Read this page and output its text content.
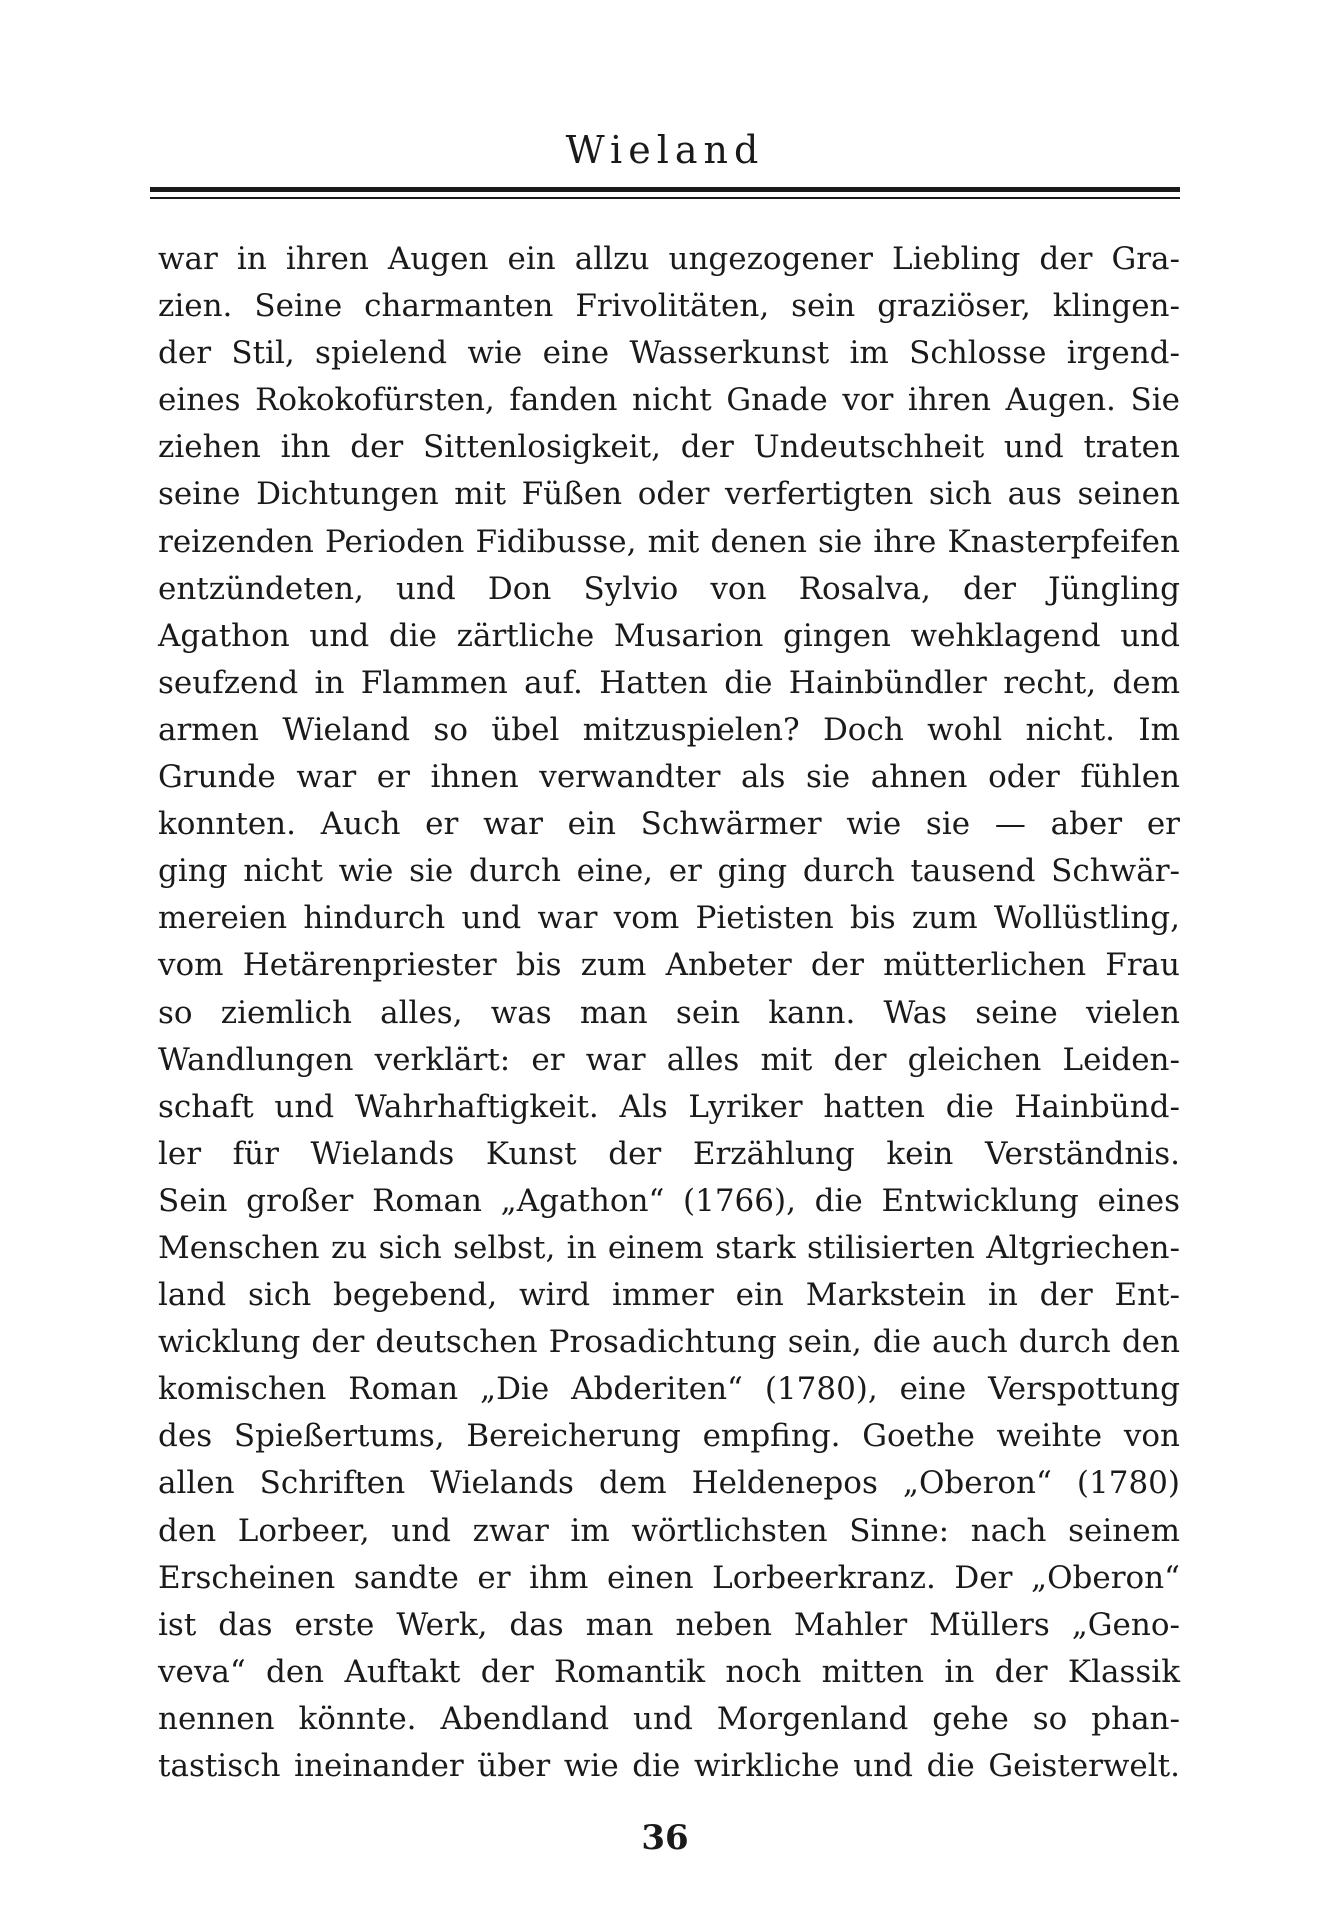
Wieland
war in ihren Augen ein allzu ungezogener Liebling der Gra-
zien. Seine charmanten Frivolitäten, sein graziöser, klingen-
der Stil, spielend wie eine Wasserkunst im Schlosse irgend-
eines Rokokofürsten, fanden nicht Gnade vor ihren Augen. Sie
ziehen ihn der Sittenlosigkeit, der Undeutschheit und traten
seine Dichtungen mit Füßen oder verfertigten sich aus seinen
reizenden Perioden Fidibusse, mit denen sie ihre Knasterpfeifen
entzündeten, und Don Sylvio von Rosalva, der Jüngling
Agathon und die zärtliche Musarion gingen wehklagend und
seufzend in Flammen auf. Hatten die Hainbündler recht, dem
armen Wieland so übel mitzuspielen? Doch wohl nicht. Im
Grunde war er ihnen verwandter als sie ahnen oder fühlen
konnten. Auch er war ein Schwärmer wie sie — aber er
ging nicht wie sie durch eine, er ging durch tausend Schwär-
mereien hindurch und war vom Pietisten bis zum Wollüstling,
vom Hetärenpriester bis zum Anbeter der mütterlichen Frau
so ziemlich alles, was man sein kann. Was seine vielen
Wandlungen verklärt: er war alles mit der gleichen Leiden-
schaft und Wahrhaftigkeit. Als Lyriker hatten die Hainbünd-
ler für Wielands Kunst der Erzählung kein Verständnis.
Sein großer Roman „Agathon“ (1766), die Entwicklung eines
Menschen zu sich selbst, in einem stark stilisierten Altgriechen-
land sich begebend, wird immer ein Markstein in der Ent-
wicklung der deutschen Prosadichtung sein, die auch durch den
komischen Roman „Die Abderiten“ (1780), eine Verspottung
des Spießertums, Bereicherung empfing. Goethe weihte von
allen Schriften Wielands dem Heldenepos „Oberon“ (1780)
den Lorbeer, und zwar im wörtlichsten Sinne: nach seinem
Erscheinen sandte er ihm einen Lorbeerkranz. Der „Oberon“
ist das erste Werk, das man neben Mahler Müllers „Geno-
veva“ den Auftakt der Romantik noch mitten in der Klassik
nennen könnte. Abendland und Morgenland gehe so phan-
tastisch ineinander über wie die wirkliche und die Geisterwelt.
36
